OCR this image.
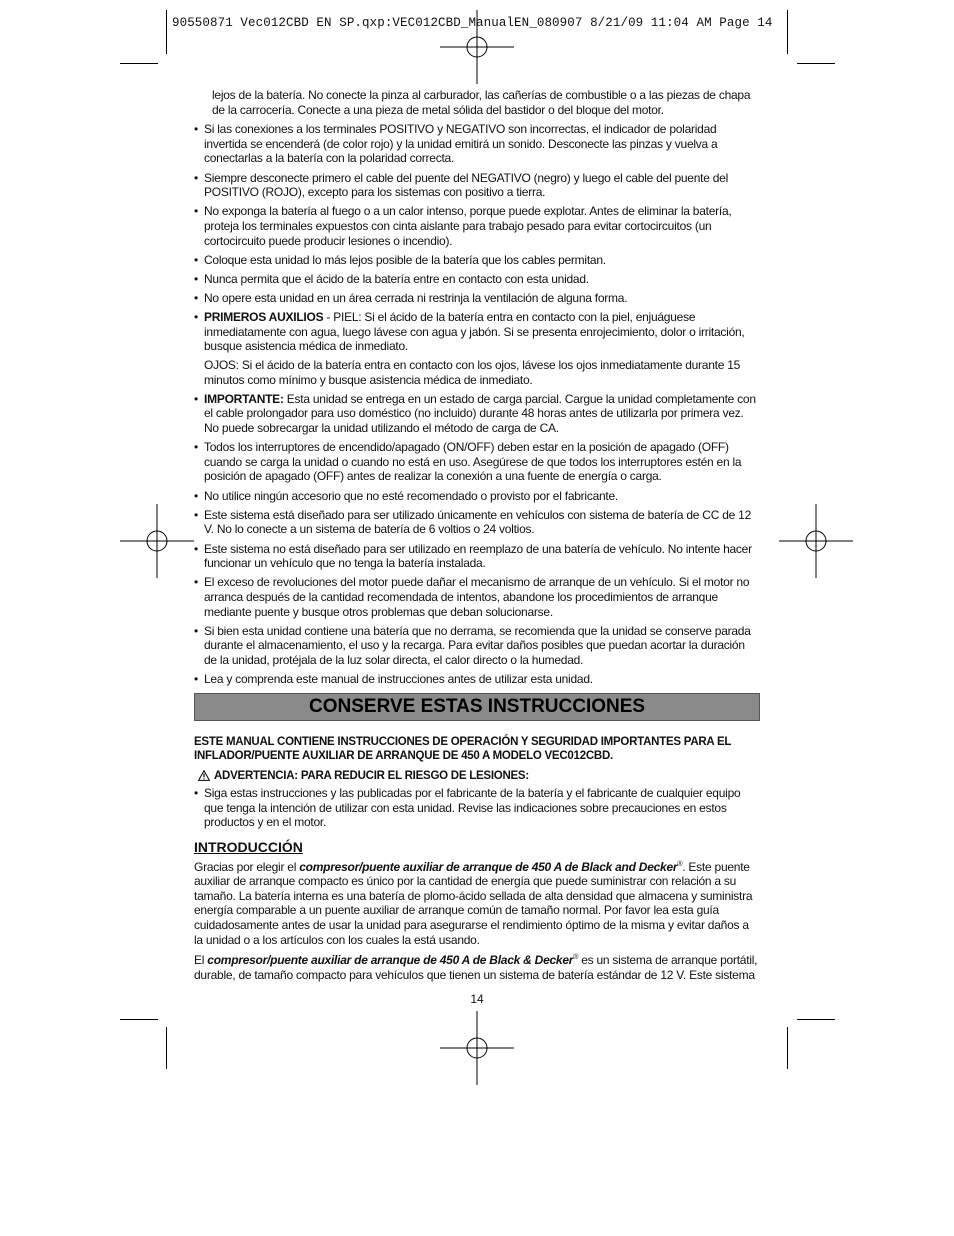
90550871 Vec012CBD EN SP.qxp:VEC012CBD_ManualEN_080907 8/21/09 11:04 AM Page 14

lejos de la batería. No conecte la pinza al carburador, las cañerías de combustible o a las piezas de chapa de la carrocería. Conecte a una pieza de metal sólida del bastidor o del bloque del motor.

• Si las conexiones a los terminales POSITIVO y NEGATIVO son incorrectas, el indicador de polaridad invertida se encenderá (de color rojo) y la unidad emitirá un sonido. Desconecte las pinzas y vuelva a conectarlas a la batería con la polaridad correcta.
• Siempre desconecte primero el cable del puente del NEGATIVO (negro) y luego el cable del puente del POSITIVO (ROJO), excepto para los sistemas con positivo a tierra.
• No exponga la batería al fuego o a un calor intenso, porque puede explotar. Antes de eliminar la batería, proteja los terminales expuestos con cinta aislante para trabajo pesado para evitar cortocircuitos (un cortocircuito puede producir lesiones o incendio).
• Coloque esta unidad lo más lejos posible de la batería que los cables permitan.
• Nunca permita que el ácido de la batería entre en contacto con esta unidad.
• No opere esta unidad en un área cerrada ni restrinja la ventilación de alguna forma.
• PRIMEROS AUXILIOS - PIEL: Si el ácido de la batería entra en contacto con la piel, enjuáguese inmediatamente con agua, luego lávese con agua y jabón. Si se presenta enrojecimiento, dolor o irritación, busque asistencia médica de inmediato.

OJOS: Si el ácido de la batería entra en contacto con los ojos, lávese los ojos inmediatamente durante 15 minutos como mínimo y busque asistencia médica de inmediato.

• IMPORTANTE: Esta unidad se entrega en un estado de carga parcial. Cargue la unidad completamente con el cable prolongador para uso doméstico (no incluido) durante 48 horas antes de utilizarla por primera vez. No puede sobrecargar la unidad utilizando el método de carga de CA.
• Todos los interruptores de encendido/apagado (ON/OFF) deben estar en la posición de apagado (OFF) cuando se carga la unidad o cuando no está en uso. Asegúrese de que todos los interruptores estén en la posición de apagado (OFF) antes de realizar la conexión a una fuente de energía o carga.
• No utilice ningún accesorio que no esté recomendado o provisto por el fabricante.
• Este sistema está diseñado para ser utilizado únicamente en vehículos con sistema de batería de CC de 12 V. No lo conecte a un sistema de batería de 6 voltios o 24 voltios.
• Este sistema no está diseñado para ser utilizado en reemplazo de una batería de vehículo. No intente hacer funcionar un vehículo que no tenga la batería instalada.
• El exceso de revoluciones del motor puede dañar el mecanismo de arranque de un vehículo. Si el motor no arranca después de la cantidad recomendada de intentos, abandone los procedimientos de arranque mediante puente y busque otros problemas que deban solucionarse.
• Si bien esta unidad contiene una batería que no derrama, se recomienda que la unidad se conserve parada durante el almacenamiento, el uso y la recarga. Para evitar daños posibles que puedan acortar la duración de la unidad, protéjala de la luz solar directa, el calor directo o la humedad.
• Lea y comprenda este manual de instrucciones antes de utilizar esta unidad.
CONSERVE ESTAS INSTRUCCIONES

ESTE MANUAL CONTIENE INSTRUCCIONES DE OPERACIÓN Y SEGURIDAD IMPORTANTES PARA EL INFLADOR/PUENTE AUXILIAR DE ARRANQUE DE 450 A MODELO VEC012CBD.

ADVERTENCIA: PARA REDUCIR EL RIESGO DE LESIONES:

• Siga estas instrucciones y las publicadas por el fabricante de la batería y el fabricante de cualquier equipo que tenga la intención de utilizar con esta unidad. Revise las indicaciones sobre precauciones en estos productos y en el motor.

INTRODUCCIÓN

Gracias por elegir el compresor/puente auxiliar de arranque de 450 A de Black and Decker®. Este puente auxiliar de arranque compacto es único por la cantidad de energía que puede suministrar con relación a su tamaño. La batería interna es una batería de plomo-ácido sellada de alta densidad que almacena y suministra energía comparable a un puente auxiliar de arranque común de tamaño normal. Por favor lea esta guía cuidadosamente antes de usar la unidad para asegurarse el rendimiento óptimo de la misma y evitar daños a la unidad o a los artículos con los cuales la está usando.

El compresor/puente auxiliar de arranque de 450 A de Black & Decker® es un sistema de arranque portátil, durable, de tamaño compacto para vehículos que tienen un sistema de batería estándar de 12 V. Este sistema

14
